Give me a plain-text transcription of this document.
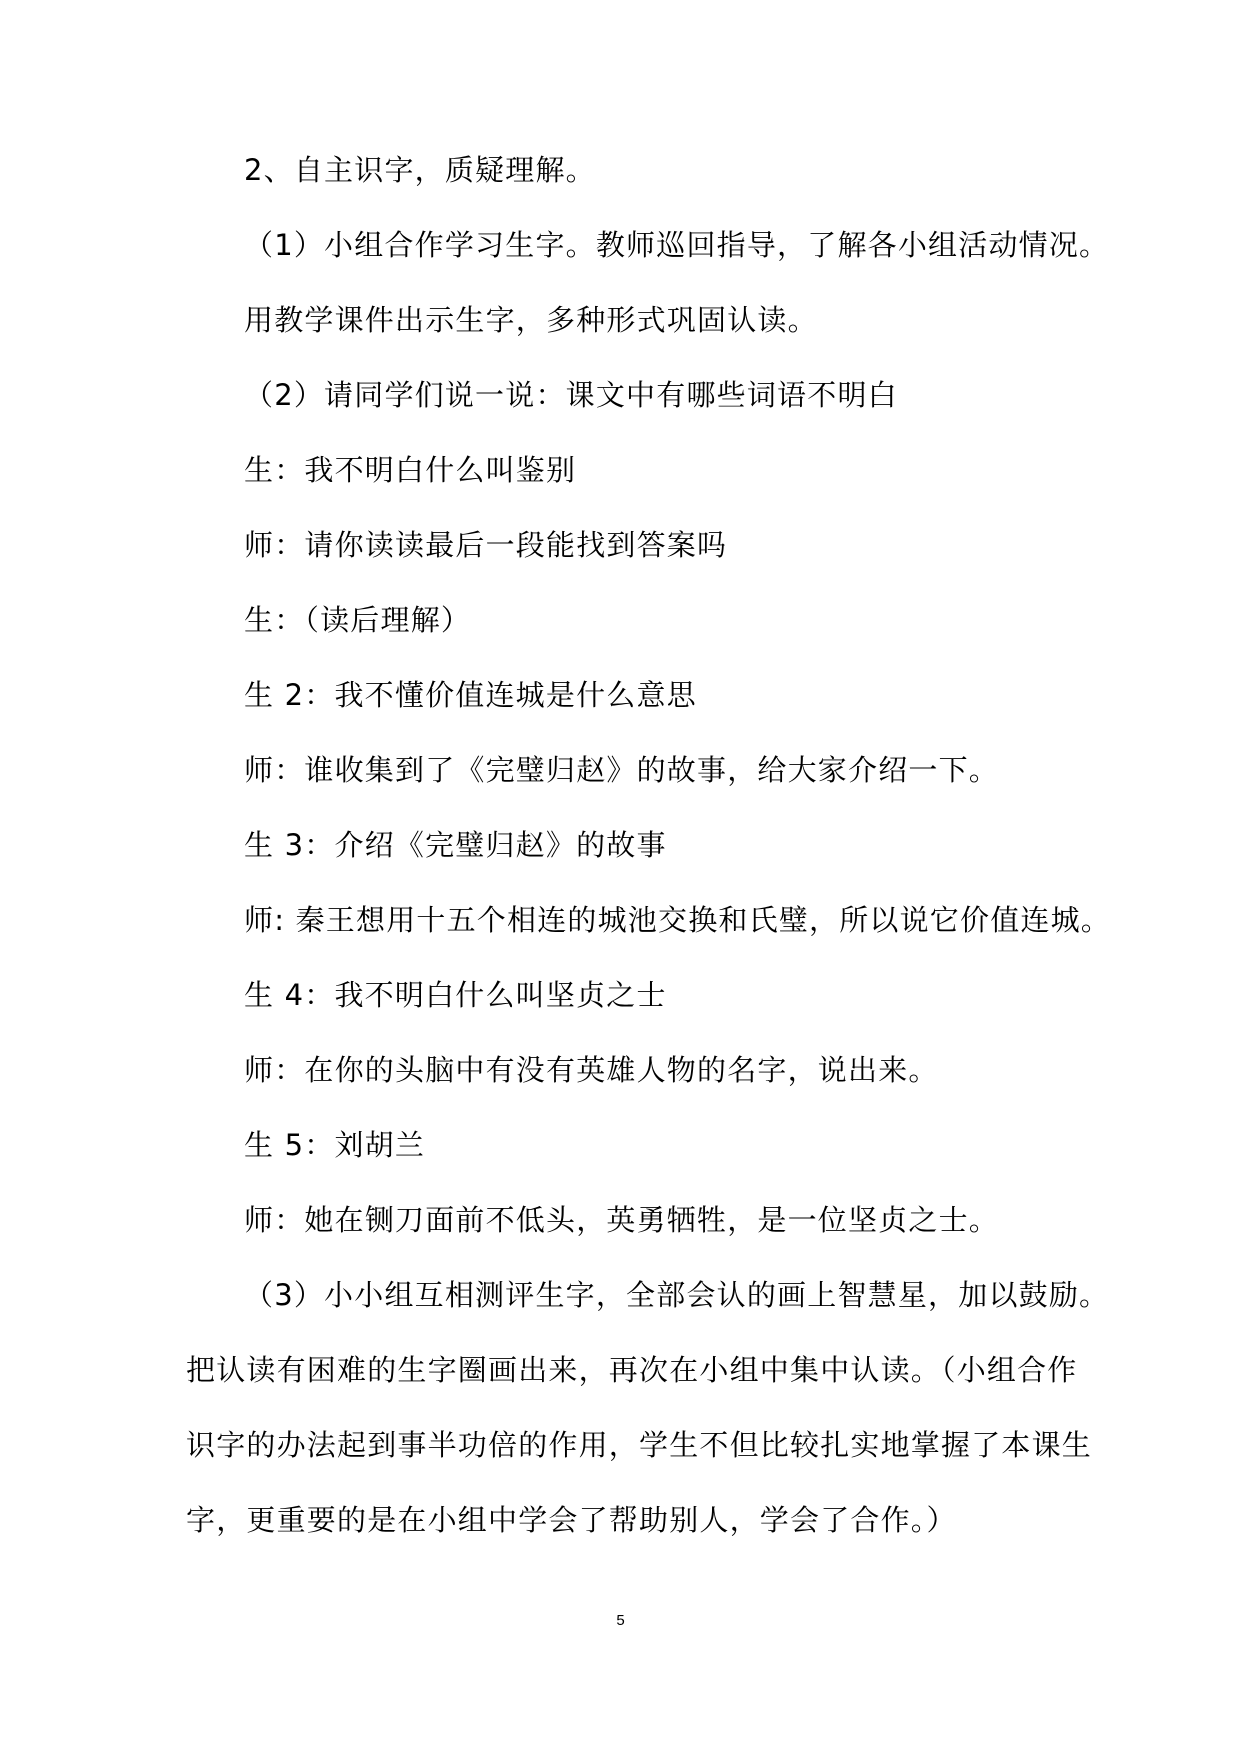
2、自主识字，质疑理解。
（1）小组合作学习生字。教师巡回指导，了解各小组活动情况。
用教学课件出示生字，多种形式巩固认读。
（2）请同学们说一说：课文中有哪些词语不明白
生：我不明白什么叫鉴别
师：请你读读最后一段能找到答案吗
生：（读后理解）
生 2：我不懂价值连城是什么意思
师：谁收集到了《完璧归赵》的故事，给大家介绍一下。
生 3：介绍《完璧归赵》的故事
师: 秦王想用十五个相连的城池交换和氏璧，所以说它价值连城。
生 4：我不明白什么叫坚贞之士
师：在你的头脑中有没有英雄人物的名字，说出来。
生 5：刘胡兰
师：她在铡刀面前不低头，英勇牺牲，是一位坚贞之士。
（3）小小组互相测评生字，全部会认的画上智慧星，加以鼓励。
把认读有困难的生字圈画出来，再次在小组中集中认读。（小组合作
识字的办法起到事半功倍的作用，学生不但比较扎实地掌握了本课生
字，更重要的是在小组中学会了帮助别人，学会了合作。）
5
